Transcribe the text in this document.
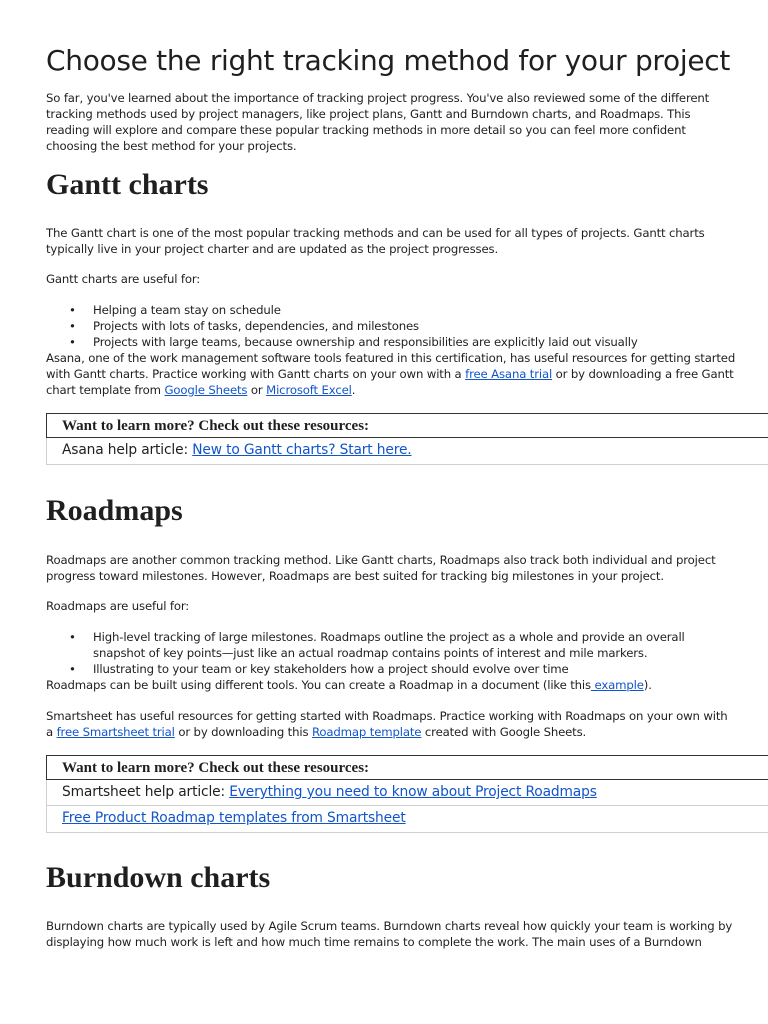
Choose the right tracking method for your project

So far, you've learned about the importance of tracking project progress. You've also reviewed some of the different tracking methods used by project managers, like project plans, Gantt and Burndown charts, and Roadmaps. This reading will explore and compare these popular tracking methods in more detail so you can feel more confident choosing the best method for your projects.

Gantt charts

The Gantt chart is one of the most popular tracking methods and can be used for all types of projects. Gantt charts typically live in your project charter and are updated as the project progresses.

Gantt charts are useful for:

• Helping a team stay on schedule
• Projects with lots of tasks, dependencies, and milestones
• Projects with large teams, because ownership and responsibilities are explicitly laid out visually

Asana, one of the work management software tools featured in this certification, has useful resources for getting started with Gantt charts. Practice working with Gantt charts on your own with a free Asana trial or by downloading a free Gantt chart template from Google Sheets or Microsoft Excel.

Want to learn more? Check out these resources:
Asana help article: New to Gantt charts? Start here.
Roadmaps

Roadmaps are another common tracking method. Like Gantt charts, Roadmaps also track both individual and project progress toward milestones. However, Roadmaps are best suited for tracking big milestones in your project.

Roadmaps are useful for:

• High-level tracking of large milestones. Roadmaps outline the project as a whole and provide an overall snapshot of key points—just like an actual roadmap contains points of interest and mile markers.
• Illustrating to your team or key stakeholders how a project should evolve over time

Roadmaps can be built using different tools. You can create a Roadmap in a document (like this example).

Smartsheet has useful resources for getting started with Roadmaps. Practice working with Roadmaps on your own with a free Smartsheet trial or by downloading this Roadmap template created with Google Sheets.

Want to learn more? Check out these resources:
Smartsheet help article: Everything you need to know about Project Roadmaps
Free Product Roadmap templates from Smartsheet
Burndown charts

Burndown charts are typically used by Agile Scrum teams. Burndown charts reveal how quickly your team is working by displaying how much work is left and how much time remains to complete the work. The main uses of a Burndown
